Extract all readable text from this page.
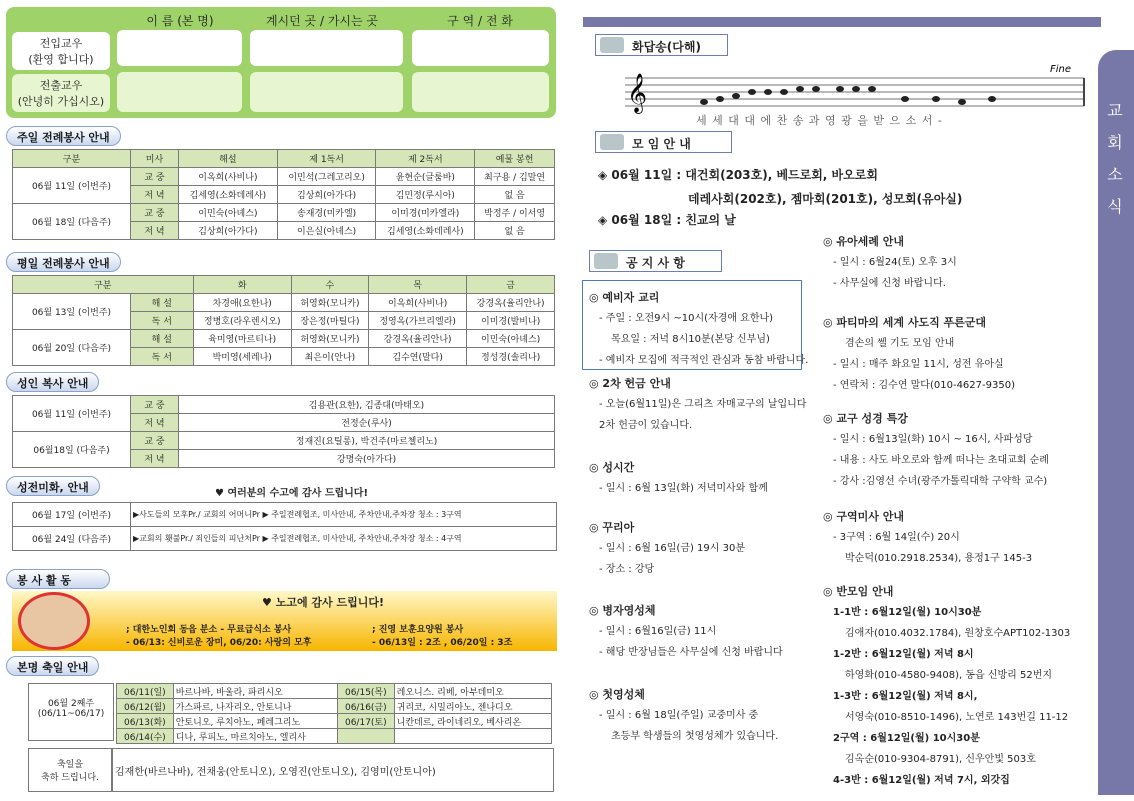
이 름 (본 명)	계시던 곳 / 가시는 곳	구 역 / 전 화
전입교우
(환영 합니다)
전출교우
(안녕히 가십시오)
주일 전례봉사 안내
구분	미사	해설	제 1독서	제 2독서	예물 봉헌
06월 11일 (이번주)	교 중	이옥희(사비나)	이민석(그레고리오)	윤현순(글룸바)	최구용 / 김말연
	저 녁	김세영(소화데레사)	김상희(아가다)	김민정(루시아)	없 음
06월 18일 (다음주)	교 중	이민숙(아녜스)	송재경(미카엘)	이미경(미카엘라)	박정주 / 이서영
	저 녁	김상희(아가다)	이은실(아녜스)	김세영(소화데레사)	없 음
평일 전례봉사 안내
구분		화	수	목	금
06월 13일 (이번주)	해 설	차경애(요한나)	허영화(모니카)	이옥희(사비나)	강경옥(율리안나)
	독 서	정병호(라우렌시오)	장은정(마틸다)	정영옥(가브리엘라)	이미경(발비나)
06월 20일 (다음주)	해 설	육미영(마르티나)	허영화(모니카)	강경옥(율리안나)	이민숙(아녜스)
	독 서	박미영(세레나)	최은이(안나)	김수연(말다)	정성경(솔리나)
성인 복사 안내
06월 11일 (이번주)	교 중	김용관(요한), 김종대(마태오)
	저 녁	전정순(루사)
06월18일 (다음주)	교 중	정재진(요틸롱), 박건주(마르첼리노)
	저 녁	강명숙(아가다)
성전미화, 안내	♥ 여러분의 수고에 감사 드립니다!
06월 17일 (이번주)	▶사도들의 모후Pr./ 교회의 어머니Pr ▶ 주일전례협조, 미사안내, 주차안내,주차장 청소 : 3구역
06월 24일 (다음주)	▶교회의 횃불Pr./ 죄인들의 피난처Pr ▶ 주일전례협조, 미사안내, 주차안내,주차장 청소 : 4구역
봉 사 활 동
♥ 노고에 감사 드립니다!
; 대한노인회 동읍 분소 - 무료급식소 봉사
- 06/13: 신비로운 장미, 06/20: 사랑의 모후
; 진영 보훈요양원 봉사
- 06/13일 : 2조 , 06/20일 : 3조
본명 축일 안내
06월 2째주
(06/11~06/17)
06/11(일)	바르나바, 바울라, 파리시오	06/15(목)	레오니스. 리베, 아부데미오
06/12(월)	가스파르, 나자리오, 안토니나	06/16(금)	귀리코, 시밀리아노, 젠나디오
06/13(화)	안토니오, 루치아노, 페레그리노	06/17(토)	니칸데르, 라이네리오, 베사리온
06/14(수)	디나, 루피노, 마르치아노, 엘리사		
축일을
축하 드립니다.	김재한(바르나바), 전채웅(안토니오), 오영진(안토니오), 김영미(안토니아)
교회소식
화답송(다해)
𝄞
Fine
세 세 대 대 에 찬 송 과 영 광 을 받 으 소 서 -
모 임 안 내
◈ 06월 11일 : 대건회(203호), 베드로회, 바오로회
데레사회(202호), 젬마회(201호), 성모회(유아실)
◈ 06월 18일 : 친교의 날
공 지 사 항
◎ 예비자 교리
- 주일 : 오전9시 ~10시(자경애 요한나)
목요일 : 저녁 8시10분(본당 신부님)
- 예비자 모집에 적극적인 관심과 동참 바랍니다.
◎ 2차 헌금 안내
- 오늘(6월11일)은 그리츠 자매교구의 날입니다
2차 헌금이 있습니다.
◎ 성시간
- 일시 : 6월 13일(화) 저녁미사와 함께
◎ 꾸리아
- 일시 : 6월 16일(금) 19시 30분
- 장소 : 강당
◎ 병자영성체
- 일시 : 6월16일(금) 11시
- 해당 반장님들은 사무실에 신청 바랍니다
◎ 첫영성체
- 일시 : 6월 18일(주일) 교중미사 중
초등부 학생들의 첫영성체가 있습니다.
◎ 유아세례 안내
- 일시 : 6월24(토) 오후 3시
- 사무실에 신청 바랍니다.
◎ 파티마의 세계 사도직 푸른군대
겸손의 쎌 기도 모임 안내
- 일시 : 매주 화요일 11시, 성전 유아실
- 연락처 : 김수연 말다(010-4627-9350)
◎ 교구 성경 특강
- 일시 : 6월13일(화) 10시 ~ 16시, 사파성당
- 내용 : 사도 바오로와 함께 떠나는 초대교회 순례
- 강사 :김영선 수녀(광주가톨릭대학 구약학 교수)
◎ 구역미사 안내
- 3구역 : 6월 14일(수) 20시
박순덕(010.2918.2534), 용정1구 145-3
◎ 반모임 안내
1-1반 : 6월12일(월) 10시30분
김애자(010.4032.1784), 원창호수APT102-1303
1-2반 : 6월12일(월) 저녁 8시
하영화(010-4580-9408), 동읍 신방리 52번지
1-3반 : 6월12일(월) 저녁 8시,
서영숙(010-8510-1496), 노연로 143번길 11-12
2구역 : 6월12일(월) 10시30분
김옥순(010-9304-8791), 신우안빛 503호
4-3반 : 6월12일(월) 저녁 7시, 외갓집
